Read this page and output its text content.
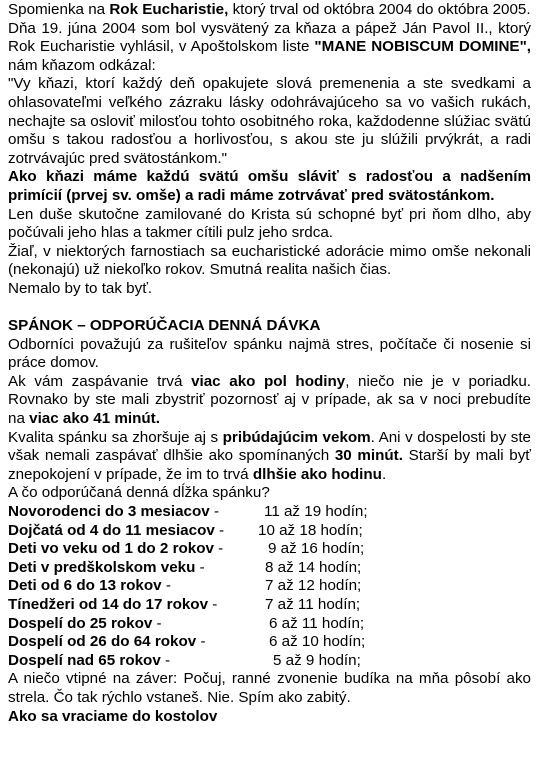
Spomienka na Rok Eucharistie, ktorý trval od októbra 2004 do októbra 2005.

Dňa 19. júna 2004 som bol vysvätený za kňaza a pápež Ján Pavol II., ktorý Rok Eucharistie vyhlásil, v Apoštolskom liste "MANE NOBISCUM DOMINE", nám kňazom odkázal:

"Vy kňazi, ktorí každý deň opakujete slová premenenia a ste svedkami a ohlasovateľmi veľkého zázraku lásky odohrávajúceho sa vo vašich rukách, nechajte sa osloviť milosťou tohto osobitného roka, každodenne slúžiac svätú omšu s takou radosťou a horlivosťou, s akou ste ju slúžili prvýkrát, a radi zotrvávajúc pred svätostánkom."

Ako kňazi máme každú svätú omšu sláviť s radosťou a nadšením primícií (prvej sv. omše) a radi máme zotrvávať pred svätostánkom.

Len duše skutočne zamilované do Krista sú schopné byť pri ňom dlho, aby počúvali jeho hlas a takmer cítili pulz jeho srdca.

Žiaľ, v niektorých farnostiach sa eucharistické adorácie mimo omše nekonali (nekonajú) už niekoľko rokov. Smutná realita našich čias.

Nemalo by to tak byť.

SPÁNOK – ODPORÚČACIA DENNÁ DÁVKA

Odborníci považujú za rušiteľov spánku najmä stres, počítače či nosenie si práce domov.

Ak vám zaspávanie trvá viac ako pol hodiny, niečo nie je v poriadku. Rovnako by ste mali zbystriť pozornosť aj v prípade, ak sa v noci prebudíte na viac ako 41 minút.

Kvalita spánku sa zhoršuje aj s pribúdajúcim vekom. Ani v dospelosti by ste však nemali zaspávať dlhšie ako spomínaných 30 minút. Starší by mali byť znepokojení v prípade, že im to trvá dlhšie ako hodinu.

A čo odporúčaná denná dĺžka spánku?

Novorodenci do 3 mesiacov -	11 až 19 hodín;
Dojčatá od 4 do 11 mesiacov - 10 až 18 hodín;
Deti vo veku od 1 do 2 rokov -	9 až 16 hodín;
Deti v predškolskom veku -	8 až 14 hodín;
Deti od 6 do 13 rokov -	7 až 12 hodín;
Tínedžeri od 14 do 17 rokov -	7 až 11 hodín;
Dospelí do 25 rokov -	6 až 11 hodín;
Dospelí od 26 do 64 rokov -	6 až 10 hodín;
Dospelí nad 65 rokov -	5 až 9 hodín;

A niečo vtipné na záver: Počuj, ranné zvonenie budíka na mňa pôsobí ako strela. Čo tak rýchlo vstaneš. Nie. Spím ako zabitý.

Ako sa vraciame do kostolov
